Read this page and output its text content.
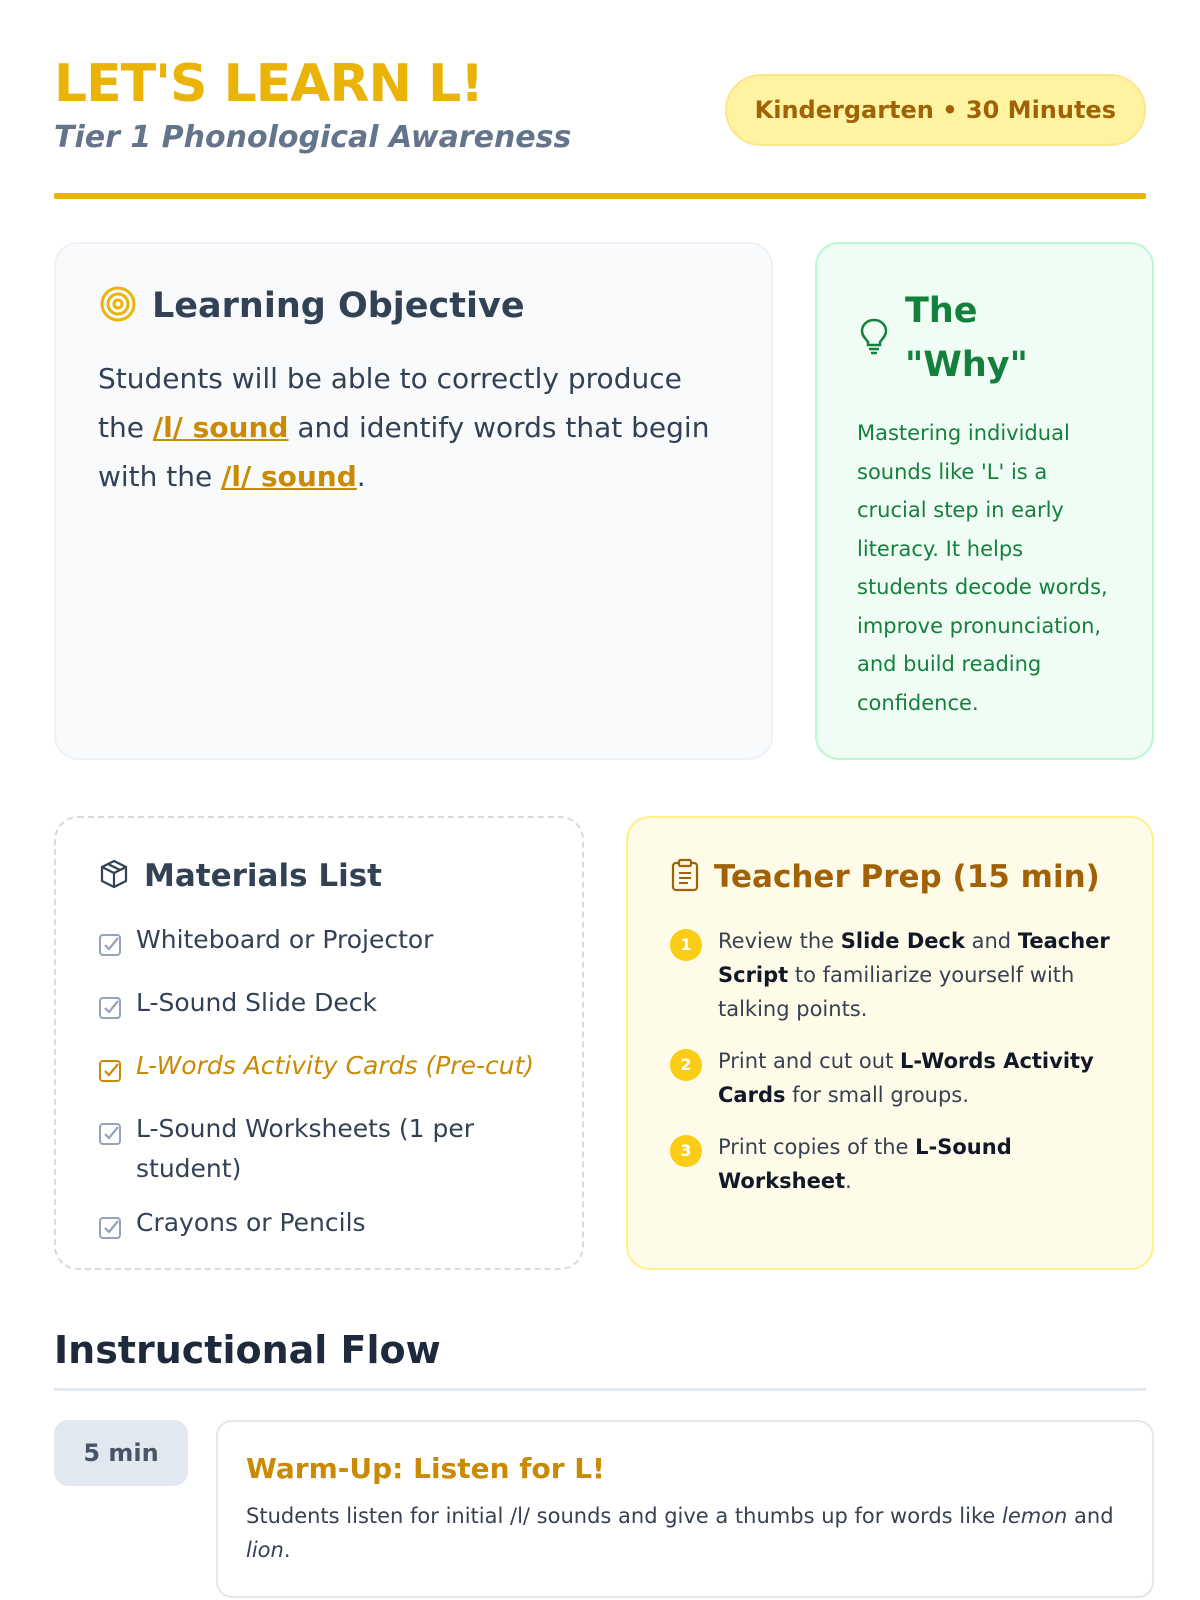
LET'S LEARN L!
Tier 1 Phonological Awareness
Kindergarten • 30 Minutes
Learning Objective

Students will be able to correctly produce the /l/ sound and identify words that begin with the /l/ sound.

The "Why"

Mastering individual sounds like 'L' is a crucial step in early literacy. It helps students decode words, improve pronunciation, and build reading confidence.

Materials List
Whiteboard or Projector
L-Sound Slide Deck
L-Words Activity Cards (Pre-cut)
L-Sound Worksheets (1 per student)
Crayons or Pencils
Teacher Prep (15 min)
1	Review the Slide Deck and Teacher Script to familiarize yourself with talking points.
2	Print and cut out L-Words Activity Cards for small groups.
3	Print copies of the L-Sound Worksheet.
Instructional Flow
5 min	Warm-Up: Listen for L!

Students listen for initial /l/ sounds and give a thumbs up for words like lemon and lion.
